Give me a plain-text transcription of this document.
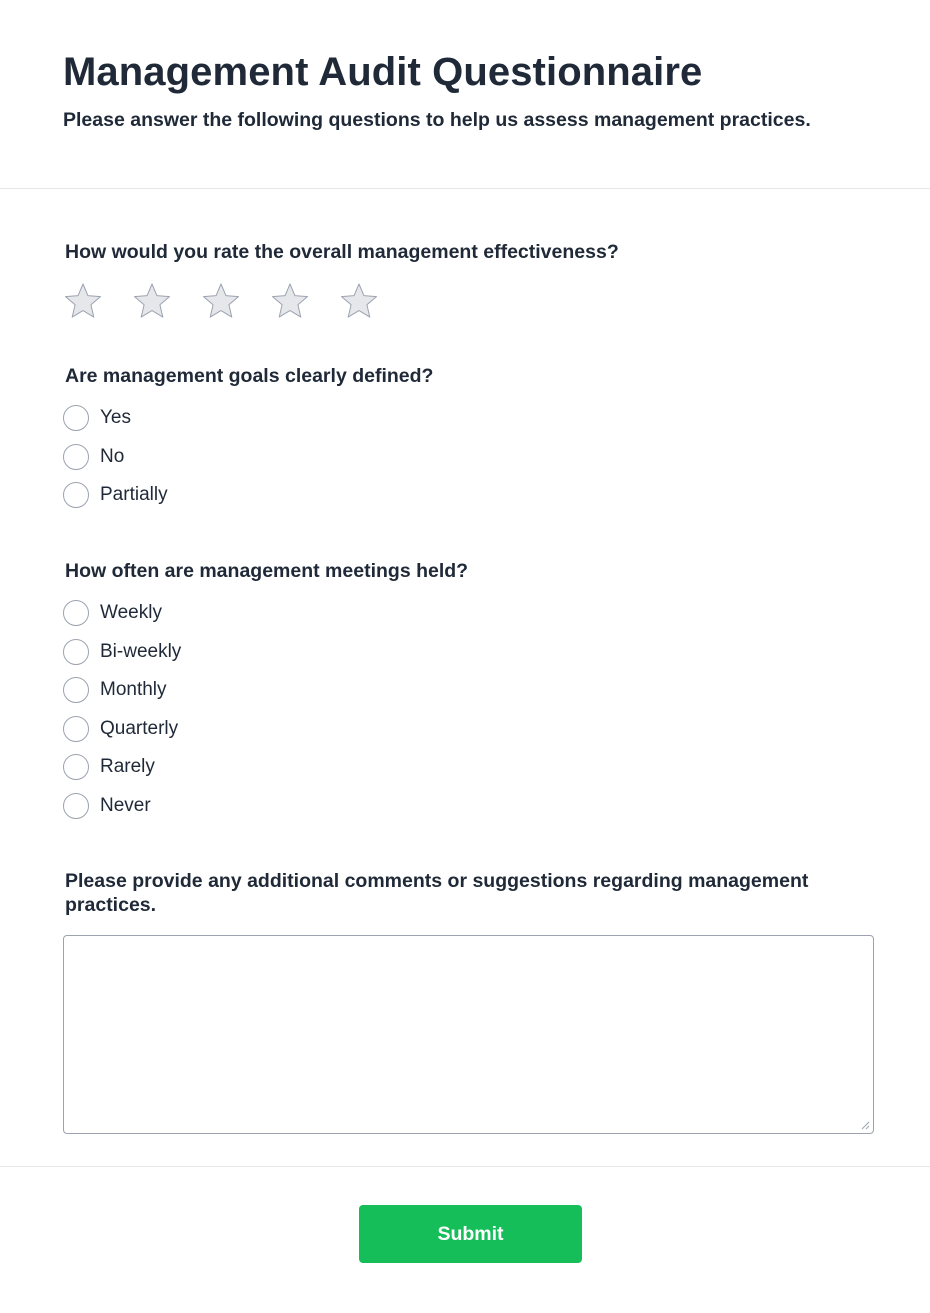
Management Audit Questionnaire

Please answer the following questions to help us assess management practices.

How would you rate the overall management effectiveness?

Are management goals clearly defined?

Yes
No
Partially

How often are management meetings held?

Weekly
Bi-weekly
Monthly
Quarterly
Rarely
Never

Please provide any additional comments or suggestions regarding management practices.

Submit
